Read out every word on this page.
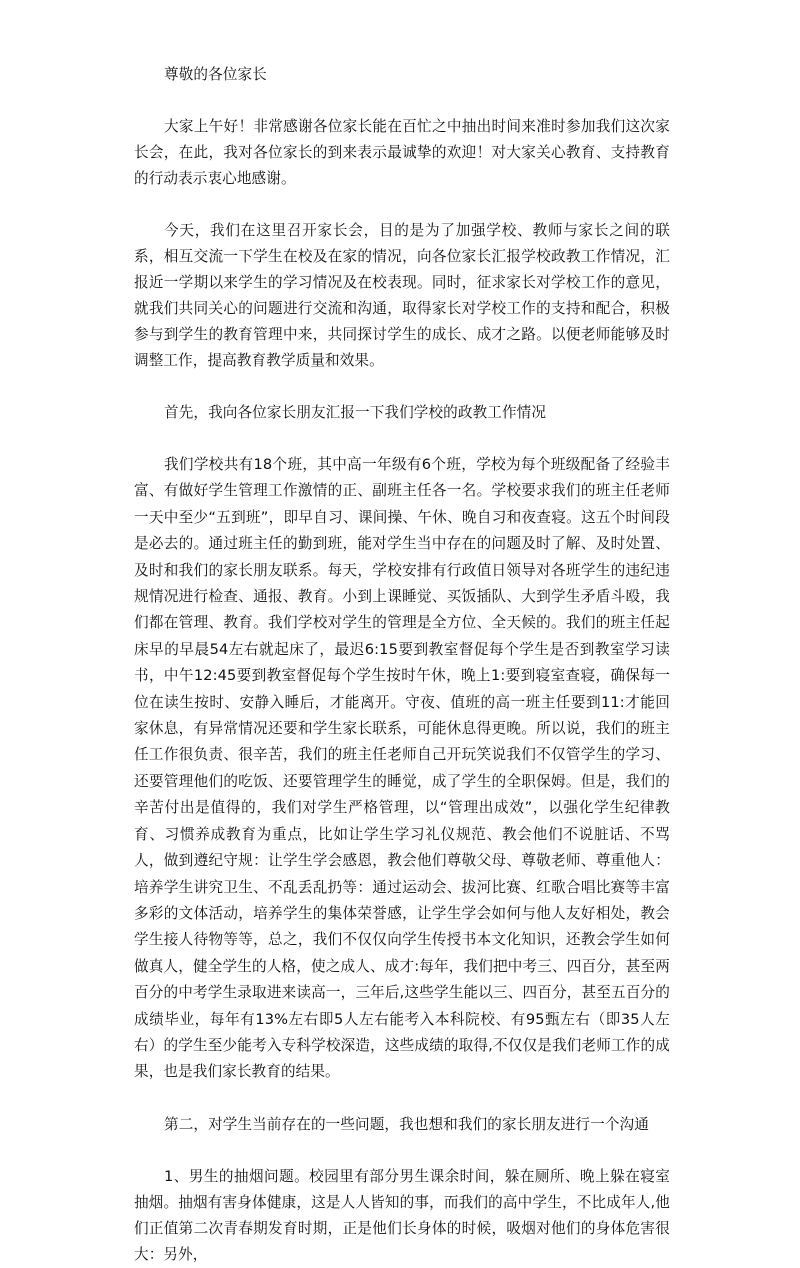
尊敬的各位家长

大家上午好！非常感谢各位家长能在百忙之中抽出时间来准时参加我们这次家长会，在此，我对各位家长的到来表示最诚挚的欢迎！对大家关心教育、支持教育的行动表示衷心地感谢。

今天，我们在这里召开家长会，目的是为了加强学校、教师与家长之间的联系，相互交流一下学生在校及在家的情况，向各位家长汇报学校政教工作情况，汇报近一学期以来学生的学习情况及在校表现。同时，征求家长对学校工作的意见，就我们共同关心的问题进行交流和沟通，取得家长对学校工作的支持和配合，积极参与到学生的教育管理中来，共同探讨学生的成长、成才之路。以便老师能够及时调整工作，提高教育教学质量和效果。

首先，我向各位家长朋友汇报一下我们学校的政教工作情况

我们学校共有18个班，其中高一年级有6个班，学校为每个班级配备了经验丰富、有做好学生管理工作激情的正、副班主任各一名。学校要求我们的班主任老师一天中至少“五到班”，即早自习、课间操、午休、晚自习和夜查寝。这五个时间段是必去的。通过班主任的勤到班，能对学生当中存在的问题及时了解、及时处置、及时和我们的家长朋友联系。每天，学校安排有行政值日领导对各班学生的违纪违规情况进行检查、通报、教育。小到上课睡觉、买饭插队、大到学生矛盾斗殴，我们都在管理、教育。我们学校对学生的管理是全方位、全天候的。我们的班主任起床早的早晨54左右就起床了，最迟6:15要到教室督促每个学生是否到教室学习读书，中午12:45要到教室督促每个学生按时午休，晚上1:要到寝室查寝，确保每一位在读生按时、安静入睡后，才能离开。守夜、值班的高一班主任要到11:才能回家休息，有异常情况还要和学生家长联系，可能休息得更晚。所以说，我们的班主任工作很负责、很辛苦，我们的班主任老师自己开玩笑说我们不仅管学生的学习、还要管理他们的吃饭、还要管理学生的睡觉，成了学生的全职保姆。但是，我们的辛苦付出是值得的，我们对学生严格管理，以“管理出成效”，以强化学生纪律教育、习惯养成教育为重点，比如让学生学习礼仪规范、教会他们不说脏话、不骂人，做到遵纪守规：让学生学会感恩，教会他们尊敬父母、尊敬老师、尊重他人：培养学生讲究卫生、不乱丢乱扔等：通过运动会、拔河比赛、红歌合唱比赛等丰富多彩的文体活动，培养学生的集体荣誉感，让学生学会如何与他人友好相处，教会学生接人待物等等，总之，我们不仅仅向学生传授书本文化知识，还教会学生如何做真人，健全学生的人格，使之成人、成才:每年，我们把中考三、四百分，甚至两百分的中考学生录取进来读高一，三年后,这些学生能以三、四百分，甚至五百分的成绩毕业，每年有13%左右即5人左右能考入本科院校、有95甄左右（即35人左右）的学生至少能考入专科学校深造，这些成绩的取得,不仅仅是我们老师工作的成果，也是我们家长教育的结果。

第二，对学生当前存在的一些问题，我也想和我们的家长朋友进行一个沟通

1、男生的抽烟问题。校园里有部分男生课余时间，躲在厕所、晚上躲在寝室抽烟。抽烟有害身体健康，这是人人皆知的事，而我们的高中学生，不比成年人,他们正值第二次青春期发育时期，正是他们长身体的时候，吸烟对他们的身体危害很大：另外，
